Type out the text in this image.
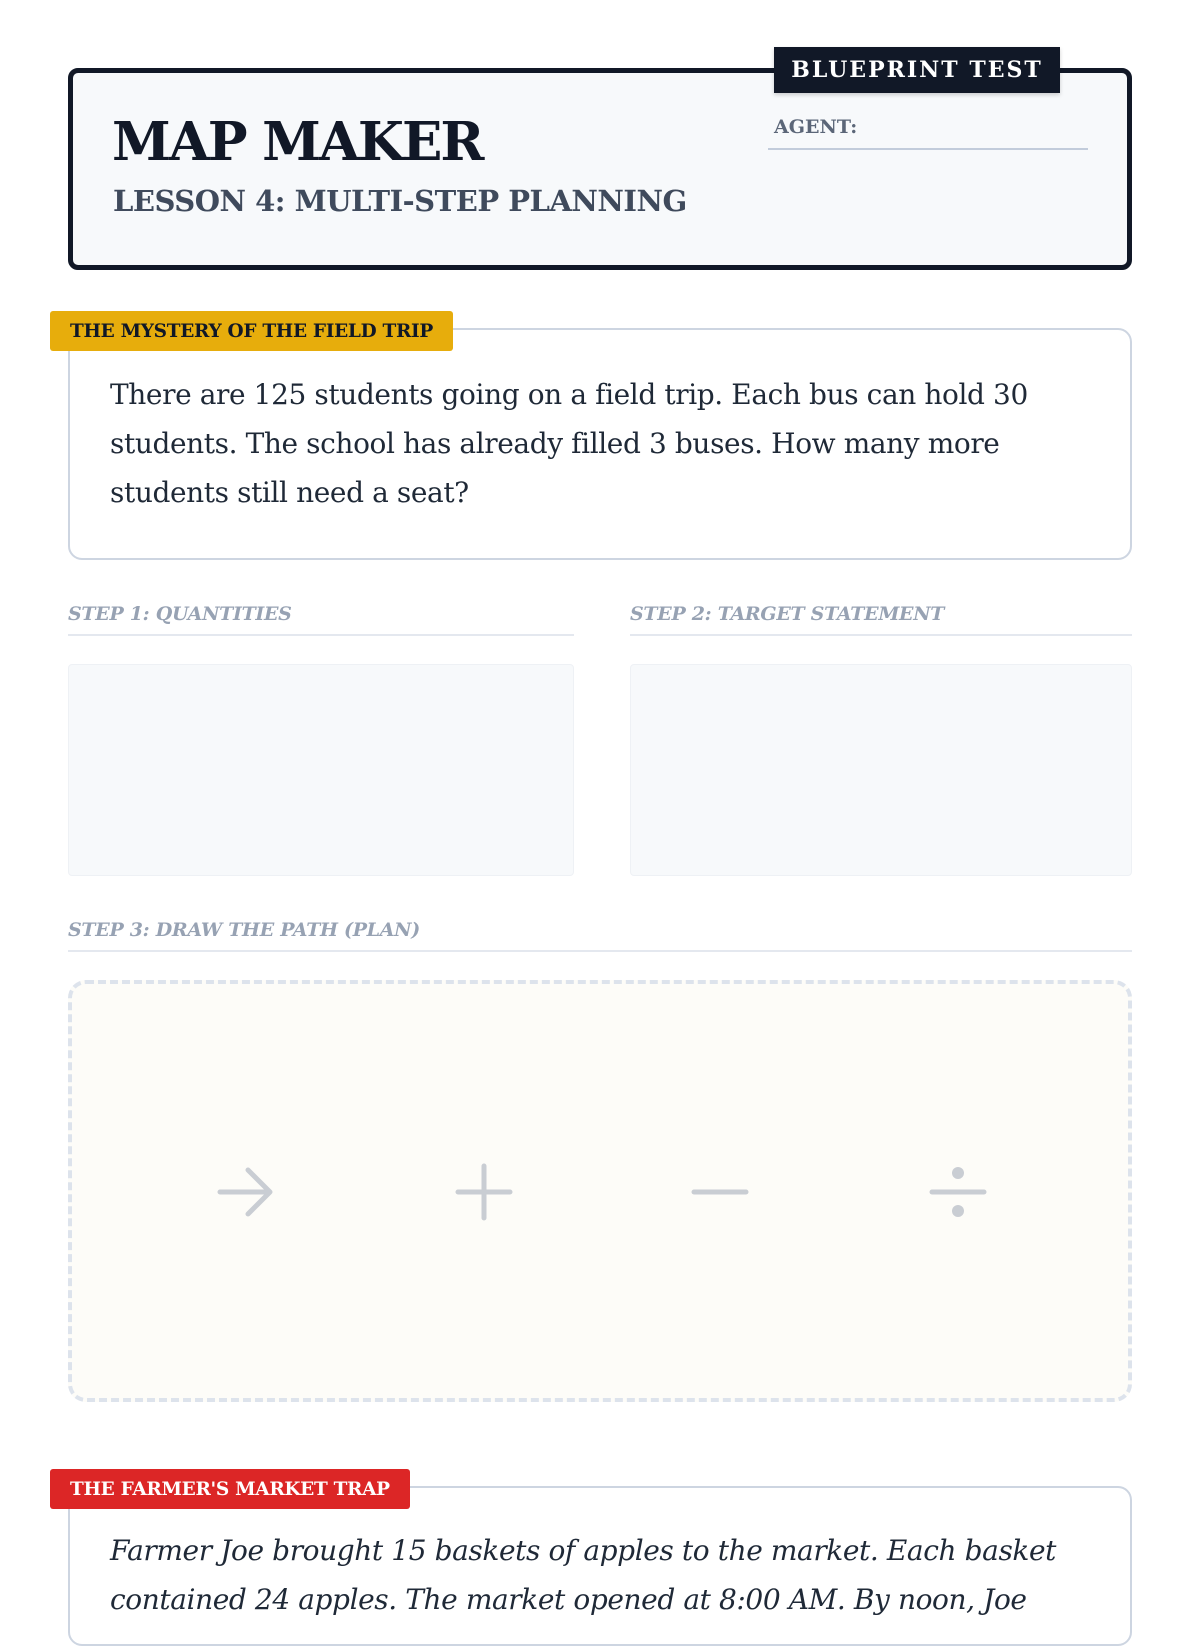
BLUEPRINT TEST
MAP MAKER
LESSON 4: MULTI-STEP PLANNING
AGENT:
THE MYSTERY OF THE FIELD TRIP

There are 125 students going on a field trip. Each bus can hold 30 students. The school has already filled 3 buses. How many more students still need a seat?

STEP 1: QUANTITIES	STEP 2: TARGET STATEMENT
STEP 3: DRAW THE PATH (PLAN)
THE FARMER'S MARKET TRAP

Farmer Joe brought 15 baskets of apples to the market. Each basket contained 24 apples. The market opened at 8:00 AM. By noon, Joe
